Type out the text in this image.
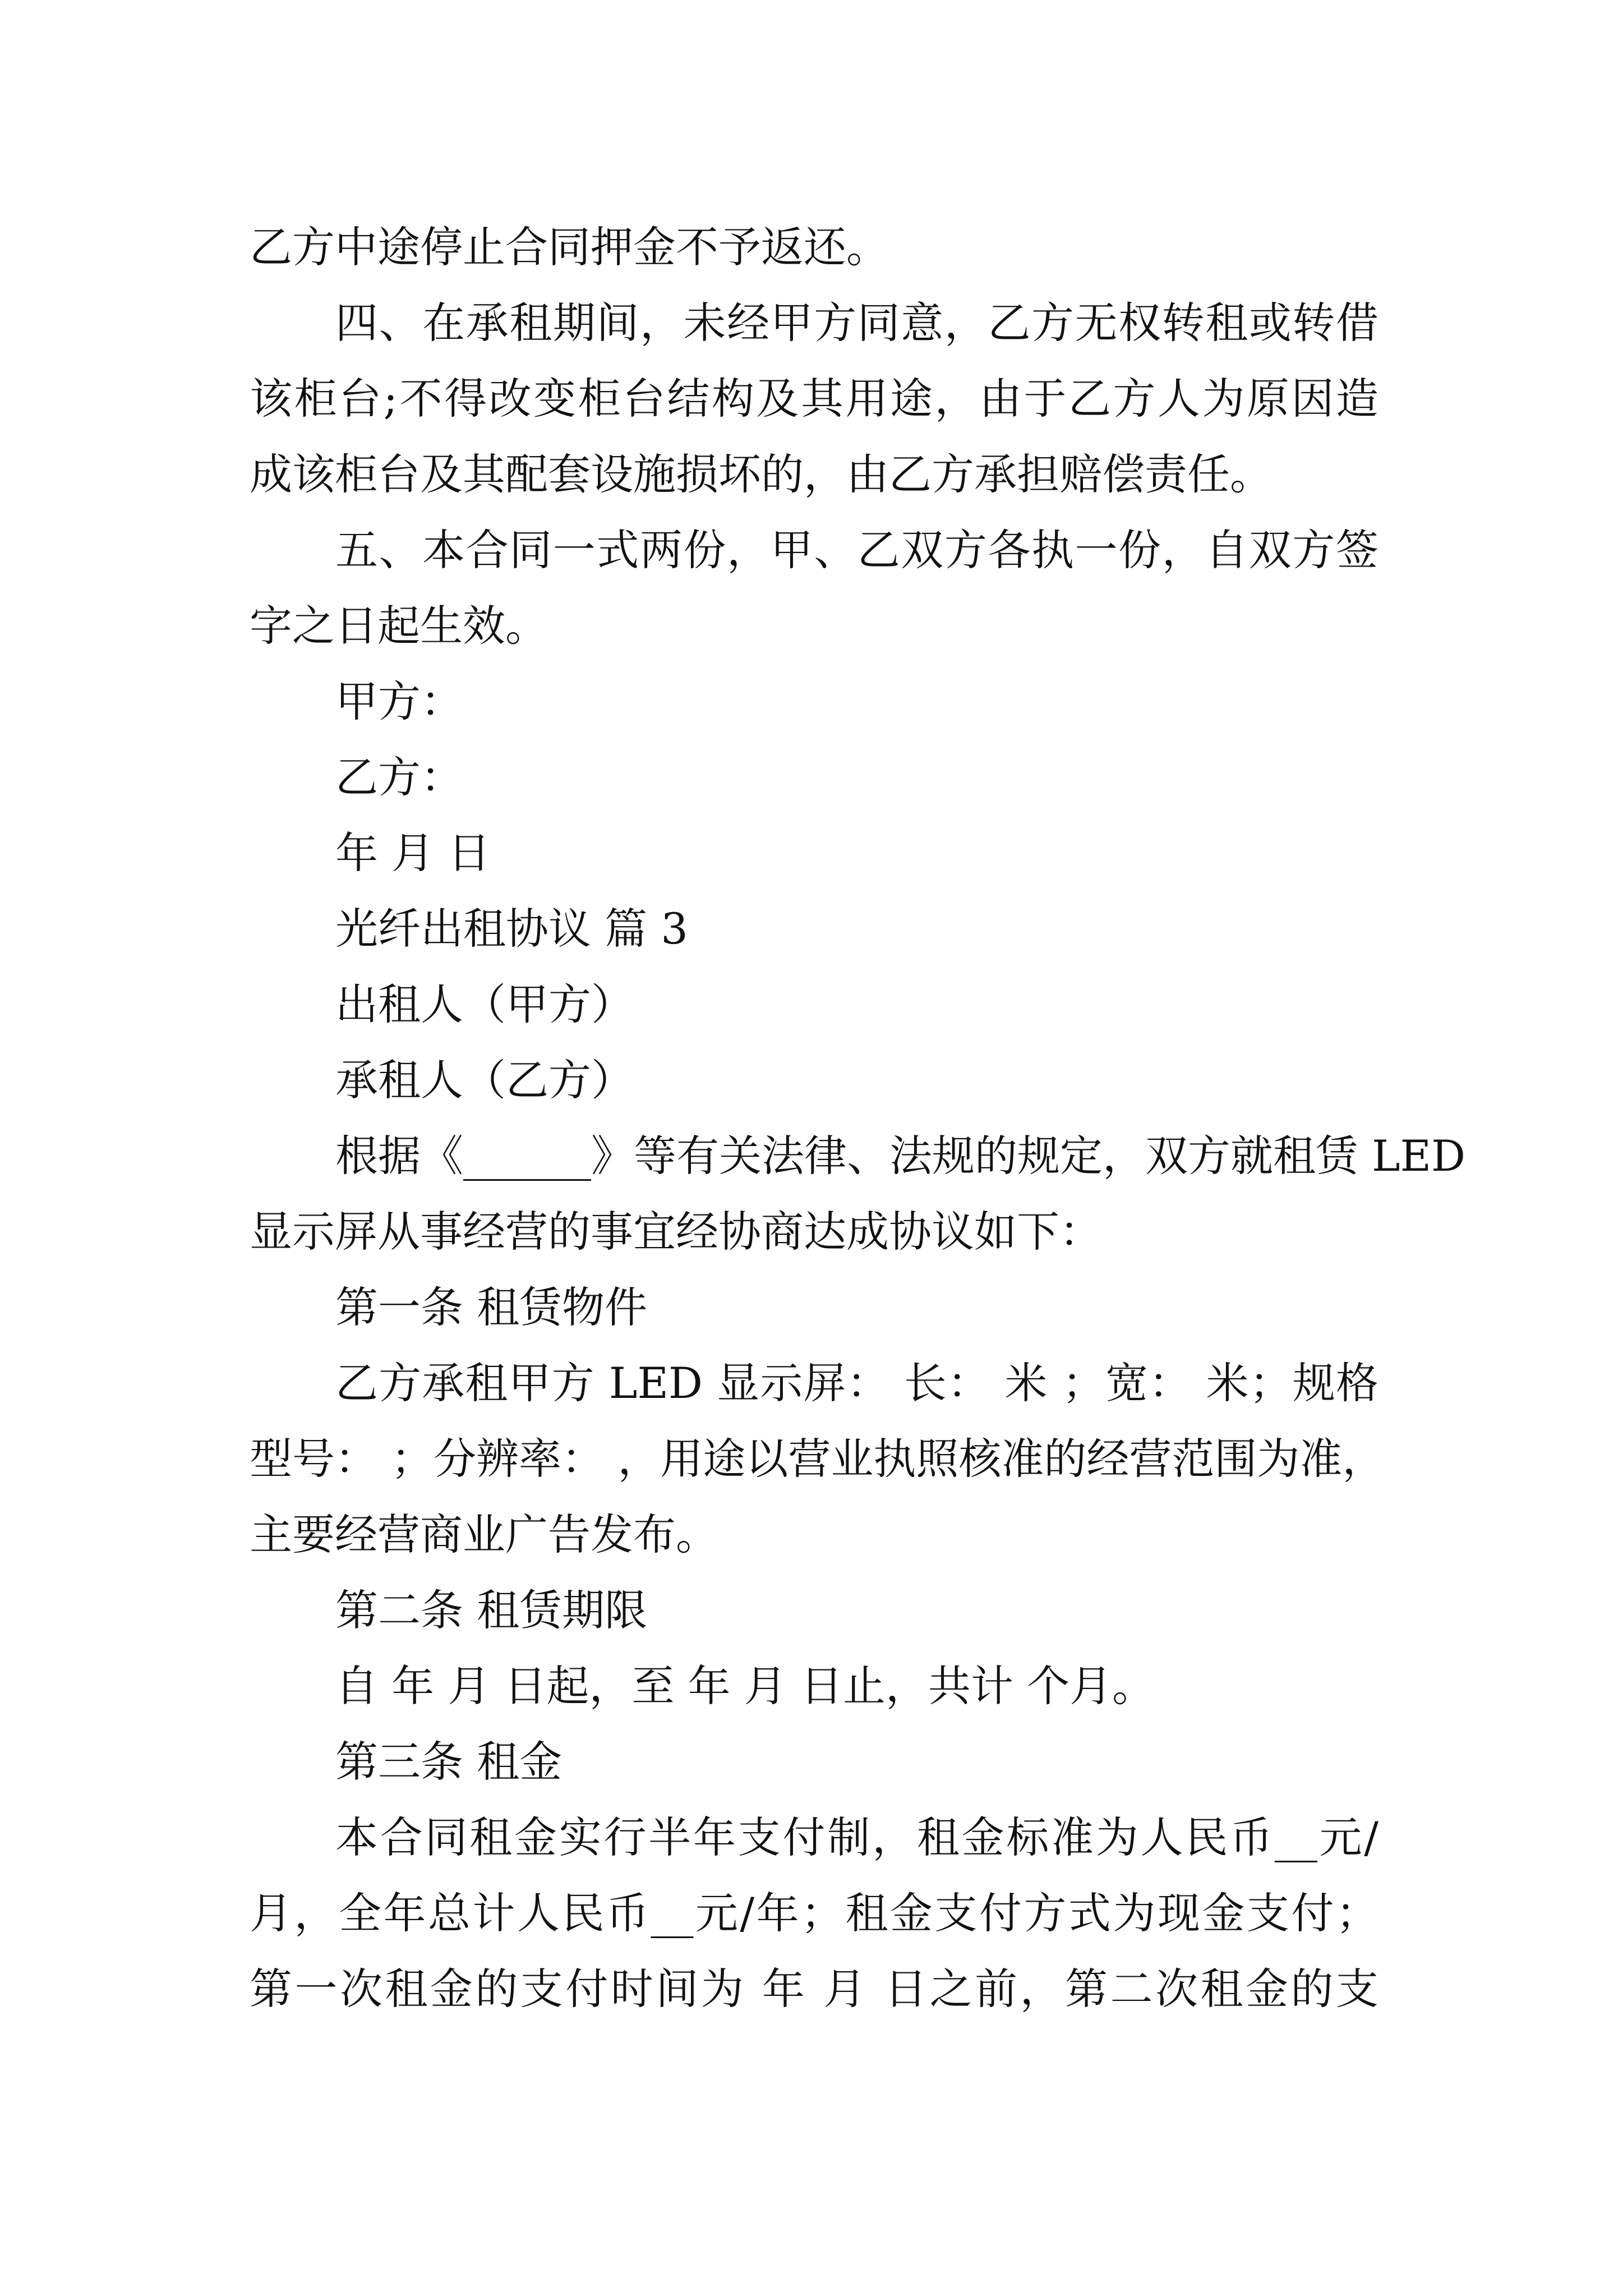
乙方中途停止合同押金不予返还。
四、在承租期间，未经甲方同意，乙方无权转租或转借
该柜台;不得改变柜台结构及其用途，由于乙方人为原因造
成该柜台及其配套设施损坏的，由乙方承担赔偿责任。
五、本合同一式两份，甲、乙双方各执一份，自双方签
字之日起生效。
甲方：
乙方：
年 月 日
光纤出租协议 篇 3
出租人（甲方）
承租人（乙方）
根据《______》等有关法律、法规的规定，双方就租赁 LED
显示屏从事经营的事宜经协商达成协议如下：
第一条 租赁物件
乙方承租甲方 LED 显示屏： 长： 米 ；宽： 米；规格
型号： ；分辨率： ，用途以营业执照核准的经营范围为准，
主要经营商业广告发布。
第二条 租赁期限
自 年 月 日起，至 年 月 日止，共计 个月。
第三条 租金
本合同租金实行半年支付制，租金标准为人民币__元/
月，全年总计人民币__元/年；租金支付方式为现金支付；
第一次租金的支付时间为 年 月 日之前，第二次租金的支
